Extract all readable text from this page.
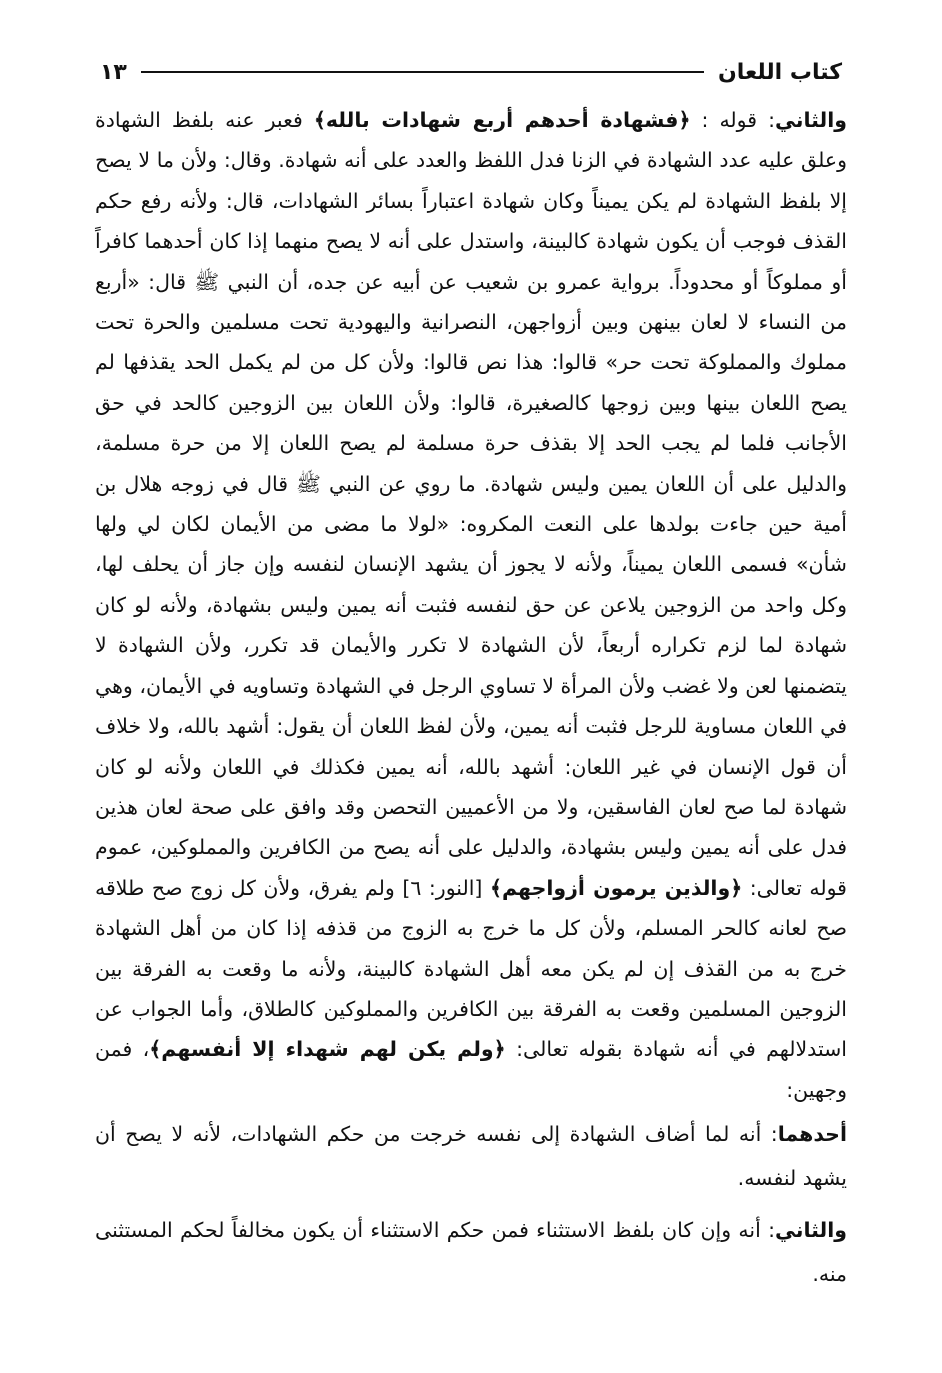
كتاب اللعان
١٣

والثاني: قوله : ﴿فشهادة أحدهم أربع شهادات بالله﴾ فعبر عنه بلفظ الشهادة وعلق عليه عدد الشهادة في الزنا فدل اللفظ والعدد على أنه شهادة. وقال: ولأن ما لا يصح إلا بلفظ الشهادة لم يكن يميناً وكان شهادة اعتباراً بسائر الشهادات، قال: ولأنه رفع حكم القذف فوجب أن يكون شهادة كالبينة، واستدل على أنه لا يصح منهما إذا كان أحدهما كافراً أو مملوكاً أو محدوداً. برواية عمرو بن شعيب عن أبيه عن جده، أن النبي ﷺ قال: «أربع من النساء لا لعان بينهن وبين أزواجهن، النصرانية واليهودية تحت مسلمين والحرة تحت مملوك والمملوكة تحت حر» قالوا: هذا نص قالوا: ولأن كل من لم يكمل الحد يقذفها لم يصح اللعان بينها وبين زوجها كالصغيرة، قالوا: ولأن اللعان بين الزوجين كالحد في حق الأجانب فلما لم يجب الحد إلا بقذف حرة مسلمة لم يصح اللعان إلا من حرة مسلمة، والدليل على أن اللعان يمين وليس شهادة. ما روي عن النبي ﷺ قال في زوجه هلال بن أمية حين جاءت بولدها على النعت المكروه: «لولا ما مضى من الأيمان لكان لي ولها شأن» فسمى اللعان يميناً، ولأنه لا يجوز أن يشهد الإنسان لنفسه وإن جاز أن يحلف لها، وكل واحد من الزوجين يلاعن عن حق لنفسه فثبت أنه يمين وليس بشهادة، ولأنه لو كان شهادة لما لزم تكراره أربعاً، لأن الشهادة لا تكرر والأيمان قد تكرر، ولأن الشهادة لا يتضمنها لعن ولا غضب ولأن المرأة لا تساوي الرجل في الشهادة وتساويه في الأيمان، وهي في اللعان مساوية للرجل فثبت أنه يمين، ولأن لفظ اللعان أن يقول: أشهد بالله، ولا خلاف أن قول الإنسان في غير اللعان: أشهد بالله، أنه يمين فكذلك في اللعان ولأنه لو كان شهادة لما صح لعان الفاسقين، ولا من الأعميين التحصن وقد وافق على صحة لعان هذين فدل على أنه يمين وليس بشهادة، والدليل على أنه يصح من الكافرين والمملوكين، عموم قوله تعالى: ﴿والذين يرمون أزواجهم﴾ [النور: ٦] ولم يفرق، ولأن كل زوج صح طلاقه صح لعانه كالحر المسلم، ولأن كل ما خرج به الزوج من قذفه إذا كان من أهل الشهادة خرج به من القذف إن لم يكن معه أهل الشهادة كالبينة، ولأنه ما وقعت به الفرقة بين الزوجين المسلمين وقعت به الفرقة بين الكافرين والمملوكين كالطلاق، وأما الجواب عن استدلالهم في أنه شهادة بقوله تعالى: ﴿ولم يكن لهم شهداء إلا أنفسهم﴾، فمن وجهين:

أحدهما: أنه لما أضاف الشهادة إلى نفسه خرجت من حكم الشهادات، لأنه لا يصح أن يشهد لنفسه.

والثاني: أنه وإن كان بلفظ الاستثناء فمن حكم الاستثناء أن يكون مخالفاً لحكم المستثنى منه.
